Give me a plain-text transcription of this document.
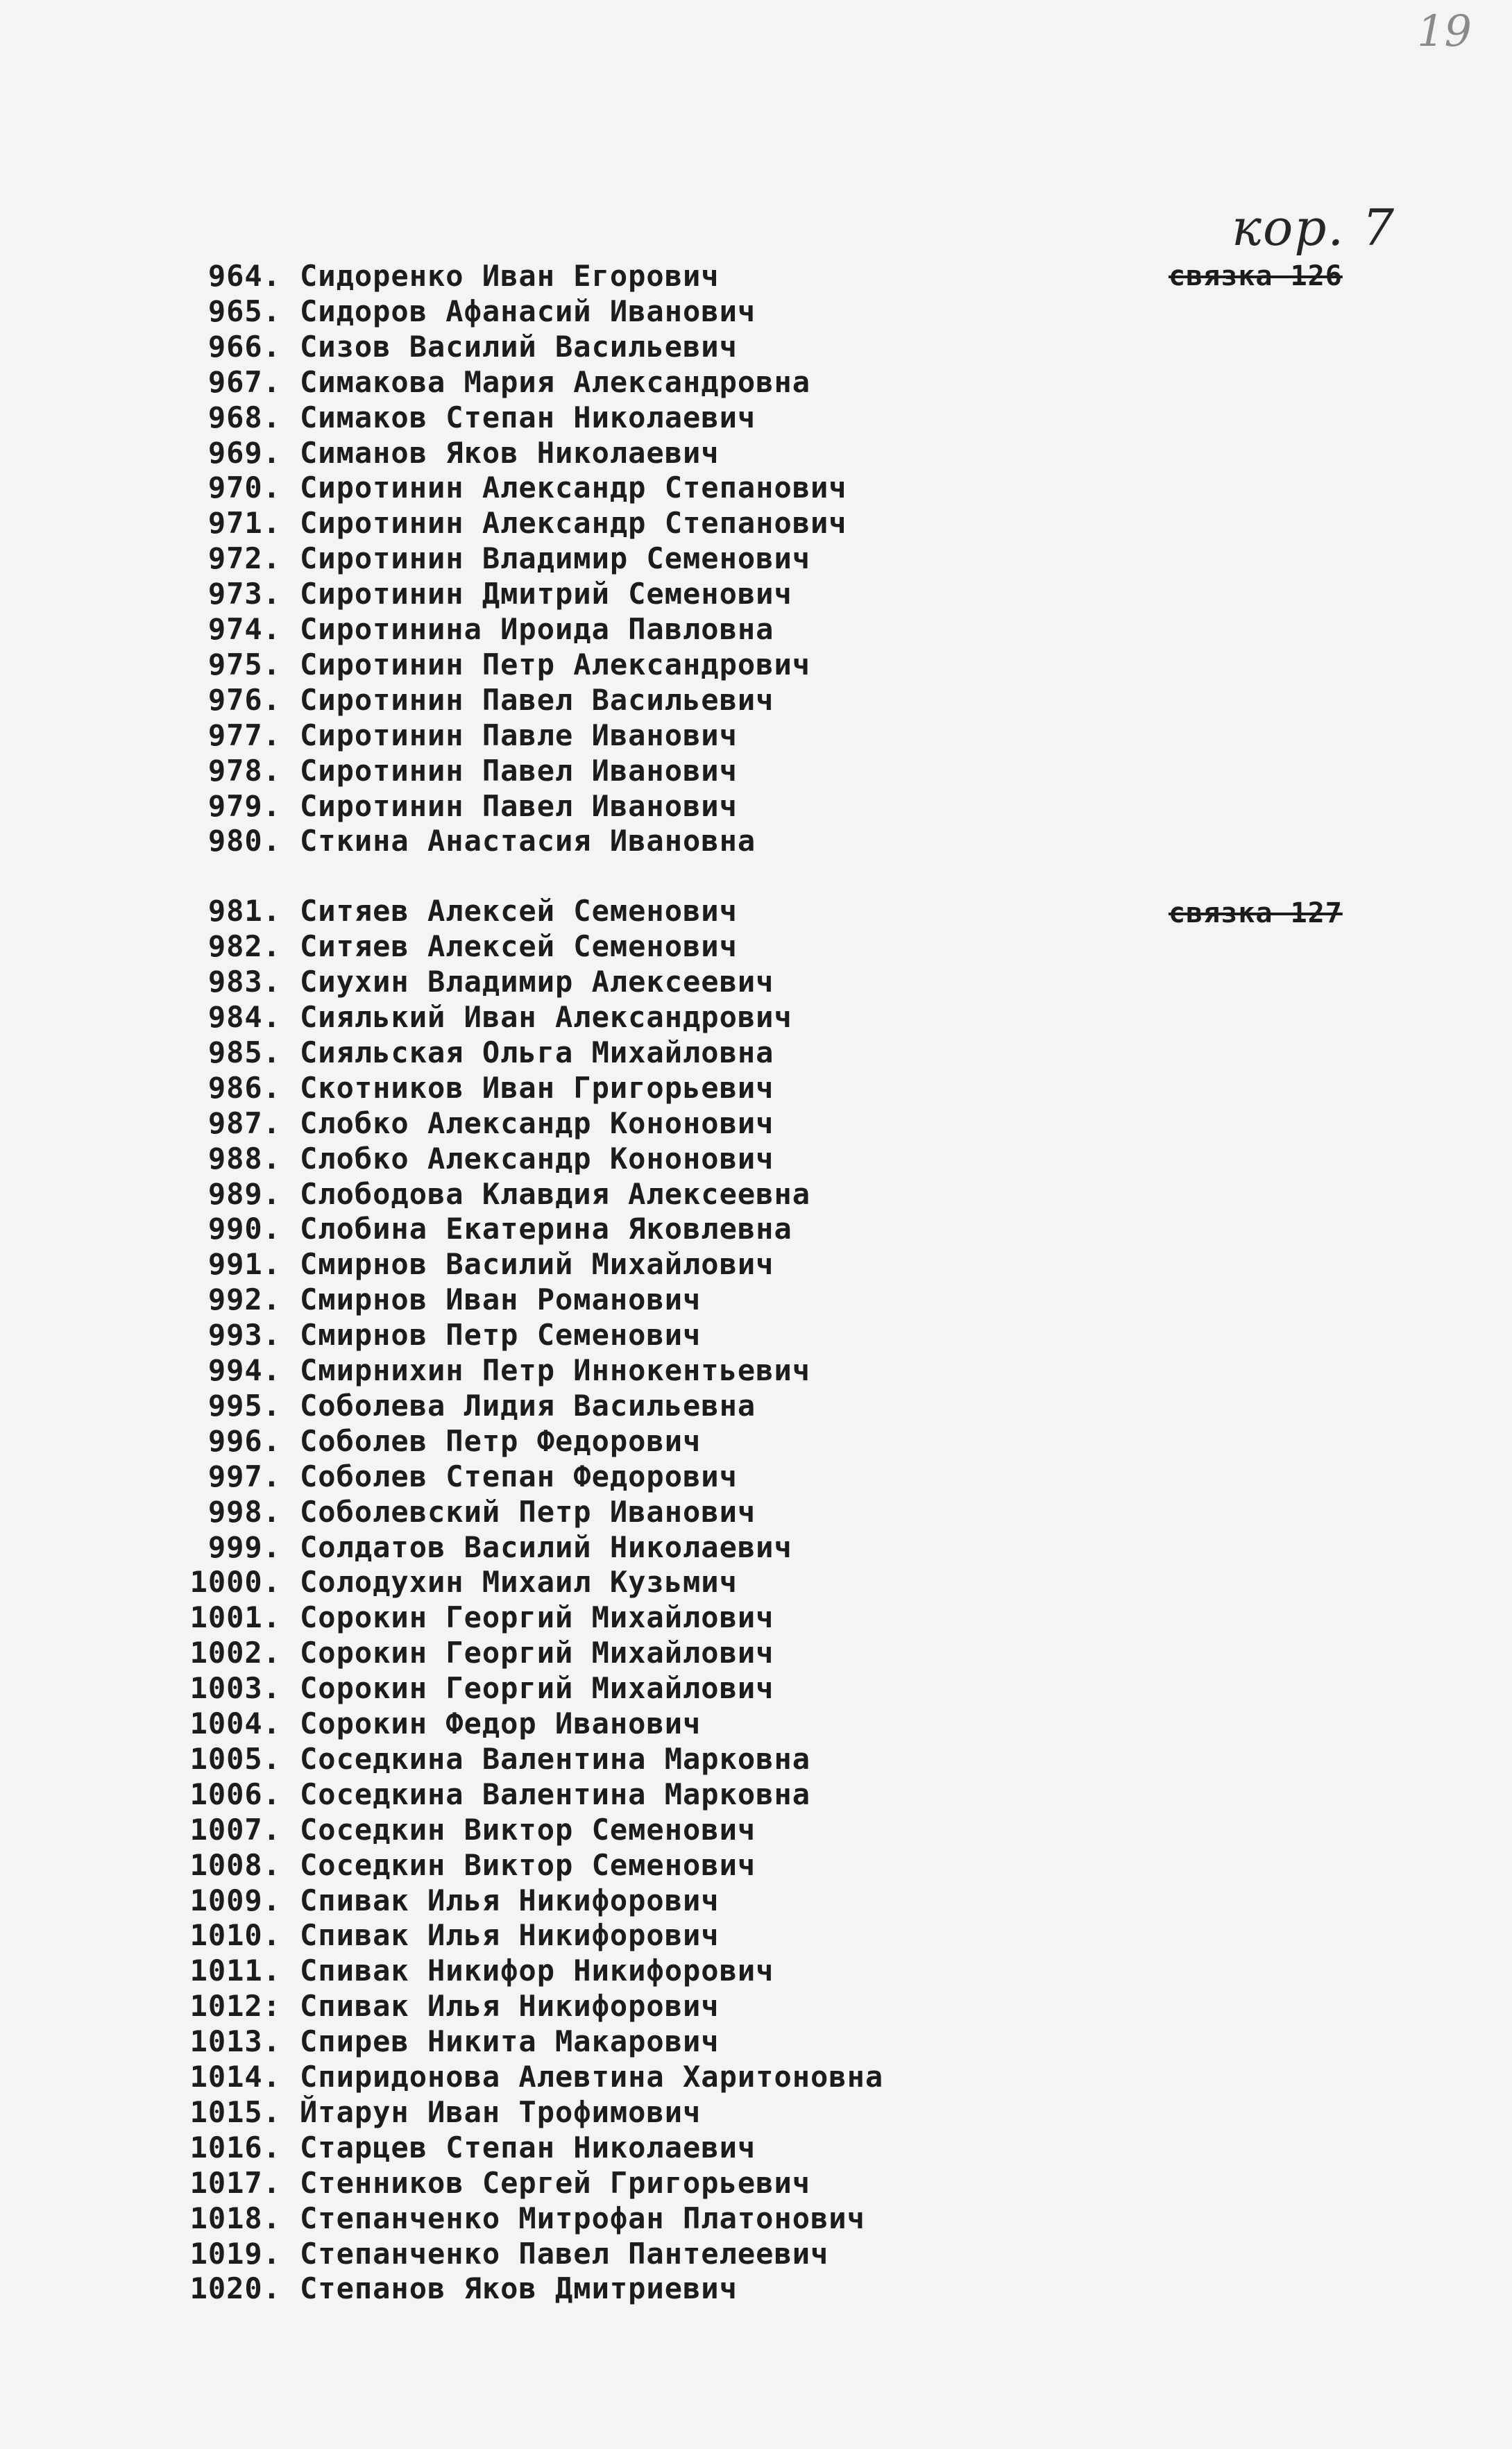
19
кор. 7
связка 126
связка 127
964. Сидоренко Иван Егорович
965. Сидоров Афанасий Иванович
966. Сизов Василий Васильевич
967. Симакова Мария Александровна
968. Симаков Степан Николаевич
969. Симанов Яков Николаевич
970. Сиротинин Александр Степанович
971. Сиротинин Александр Степанович
972. Сиротинин Владимир Семенович
973. Сиротинин Дмитрий Семенович
974. Сиротинина Ироида Павловна
975. Сиротинин Петр Александрович
976. Сиротинин Павел Васильевич
977. Сиротинин Павле Иванович
978. Сиротинин Павел Иванович
979. Сиротинин Павел Иванович
980. Сткина Анастасия Ивановна
981. Ситяев Алексей Семенович
982. Ситяев Алексей Семенович
983. Сиухин Владимир Алексеевич
984. Сиялький Иван Александрович
985. Сияльская Ольга Михайловна
986. Скотников Иван Григорьевич
987. Слобко Александр Кононович
988. Слобко Александр Кононович
989. Слободова Клавдия Алексеевна
990. Слобина Екатерина Яковлевна
991. Смирнов Василий Михайлович
992. Смирнов Иван Романович
993. Смирнов Петр Семенович
994. Смирнихин Петр Иннокентьевич
995. Соболева Лидия Васильевна
996. Соболев Петр Федорович
997. Соболев Степан Федорович
998. Соболевский Петр Иванович
999. Солдатов Василий Николаевич
1000. Солодухин Михаил Кузьмич
1001. Сорокин Георгий Михайлович
1002. Сорокин Георгий Михайлович
1003. Сорокин Георгий Михайлович
1004. Сорокин Федор Иванович
1005. Соседкина Валентина Марковна
1006. Соседкина Валентина Марковна
1007. Соседкин Виктор Семенович
1008. Соседкин Виктор Семенович
1009. Спивак Илья Никифорович
1010. Спивак Илья Никифорович
1011. Спивак Никифор Никифорович
1012: Спивак Илья Никифорович
1013. Спирев Никита Макарович
1014. Спиридонова Алевтина Харитоновна
1015. Йтарун Иван Трофимович
1016. Старцев Степан Николаевич
1017. Стенников Сергей Григорьевич
1018. Степанченко Митрофан Платонович
1019. Степанченко Павел Пантелеевич
1020. Степанов Яков Дмитриевич
